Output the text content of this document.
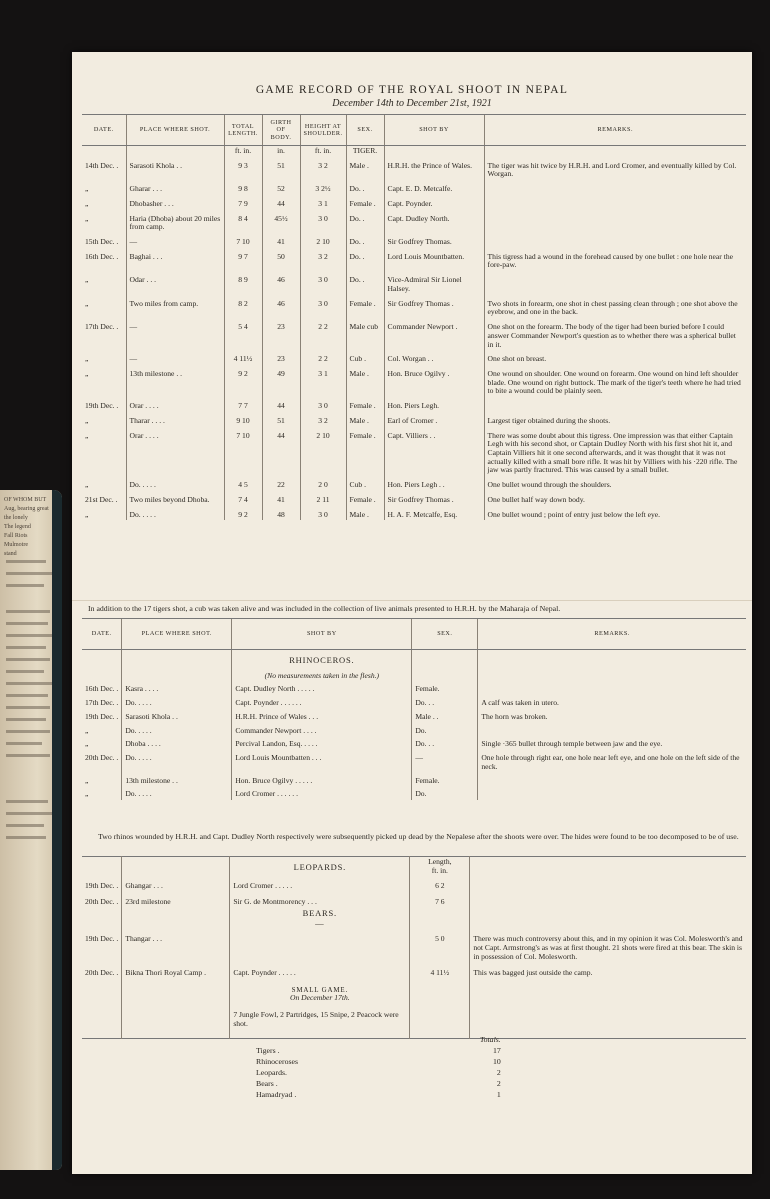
OF WHOM BUT
Aug, bearing great
the lonely
The legend
Fall Riots
Mulmotre
stand
GAME RECORD OF THE ROYAL SHOOT IN NEPAL
December 14th to December 21st, 1921
DATE.	PLACE WHERE SHOT.	TOTAL LENGTH.	GIRTH OF BODY.	HEIGHT AT SHOULDER.	SEX.	SHOT BY	REMARKS.
		ft. in.	in.	ft. in.	TIGER.		
14th Dec. .	Sarasoti Khola . .	9 3	51	3 2	Male .	H.R.H. the Prince of Wales.	The tiger was hit twice by H.R.H. and Lord Cromer, and eventually killed by Col. Worgan.
„	Gharar . . .	9 8	52	3 2½	Do. .	Capt. E. D. Metcalfe.	
„	Dhobasher . . .	7 9	44	3 1	Female .	Capt. Poynder.	
„	Haria (Dhoba) about 20 miles from camp.	8 4	45½	3 0	Do. .	Capt. Dudley North.	
15th Dec. .	—	7 10	41	2 10	Do. .	Sir Godfrey Thomas.	
16th Dec. .	Baghai . . .	9 7	50	3 2	Do. .	Lord Louis Mountbatten.	This tigress had a wound in the forehead caused by one bullet : one hole near the fore-paw.
„	Odar . . .	8 9	46	3 0	Do. .	Vice-Admiral Sir Lionel Halsey.	
„	Two miles from camp.	8 2	46	3 0	Female .	Sir Godfrey Thomas .	Two shots in forearm, one shot in chest passing clean through ; one shot above the eyebrow, and one in the back.
17th Dec. .	—	5 4	23	2 2	Male cub	Commander Newport .	One shot on the forearm. The body of the tiger had been buried before I could answer Commander Newport's question as to whether there was a spherical bullet in it.
„	—	4 11½	23	2 2	Cub .	Col. Worgan . .	One shot on breast.
„	13th milestone . .	9 2	49	3 1	Male .	Hon. Bruce Ogilvy .	One wound on shoulder. One wound on forearm. One wound on hind left shoulder blade. One wound on right buttock. The mark of the tiger's teeth where he had tried to bite a wound could be plainly seen.
19th Dec. .	Orar . . . .	7 7	44	3 0	Female .	Hon. Piers Legh.	
„	Tharar . . . .	9 10	51	3 2	Male .	Earl of Cromer .	Largest tiger obtained during the shoots.
„	Orar . . . .	7 10	44	2 10	Female .	Capt. Villiers . .	There was some doubt about this tigress. One impression was that either Captain Legh with his second shot, or Captain Dudley North with his first shot hit it, and Captain Villiers hit it one second afterwards, and it was thought that it was not actually killed with a small bore rifle. It was hit by Villiers with his ·220 rifle. The jaw was partly fractured. This was caused by a small bullet.
„	Do. . . . .	4 5	22	2 0	Cub .	Hon. Piers Legh . .	One bullet wound through the shoulders.
21st Dec. .	Two miles beyond Dhoba.	7 4	41	2 11	Female .	Sir Godfrey Thomas .	One bullet half way down body.
„	Do. . . . .	9 2	48	3 0	Male .	H. A. F. Metcalfe, Esq.	One bullet wound ; point of entry just below the left eye.
In addition to the 17 tigers shot, a cub was taken alive and was included in the collection of live animals presented to H.R.H. by the Maharaja of Nepal.
DATE.	PLACE WHERE SHOT.	SHOT BY	SEX.	REMARKS.

		RHINOCEROS.
(No measurements taken in the flesh.)		

16th Dec. .	Kasra . . . .	Capt. Dudley North . . . . .	Female.	
17th Dec. .	Do. . . . .	Capt. Poynder . . . . . .	Do. . .	A calf was taken in utero.
19th Dec. .	Sarasoti Khola . .	H.R.H. Prince of Wales . . .	Male . .	The horn was broken.
„	Do. . . . .	Commander Newport . . . .	Do.	
„	Dhoba . . . .	Percival Landon, Esq. . . . .	Do. . .	Single ·365 bullet through temple between jaw and the eye.
20th Dec. .	Do. . . . .	Lord Louis Mountbatten . . .	—	One hole through right ear, one hole near left eye, and one hole on the left side of the neck.
„	13th milestone . .	Hon. Bruce Ogilvy . . . . .	Female.	
„	Do. . . . .	Lord Cromer . . . . . .	Do.	
Two rhinos wounded by H.R.H. and Capt. Dudley North respectively were subsequently picked up dead by the Nepalese after the shoots were over. The hides were found to be too decomposed to be of use.
		LEOPARDS.	Length,
ft. in.	

19th Dec. .	Ghangar . . .	Lord Cromer . . . . .	6 2	
20th Dec. .	23rd milestone	Sir G. de Montmorency . . .	7 6	

		BEARS.
—		

19th Dec. .	Thangar . . .		5 0	There was much controversy about this, and in my opinion it was Col. Molesworth's and not Capt. Armstrong's as was at first thought. 21 shots were fired at this bear. The skin is in possession of Col. Molesworth.
20th Dec. .	Bikna Thori Royal Camp .	Capt. Poynder . . . . .	4 11½	This was bagged just outside the camp.

		SMALL GAME.
On December 17th.
7 Jungle Fowl, 2 Partridges, 15 Snipe, 2 Peacock were shot.		

	Totals.
Tigers .	17
Rhinoceroses	10
Leopards.	2
Bears .	2
Hamadryad .	1
